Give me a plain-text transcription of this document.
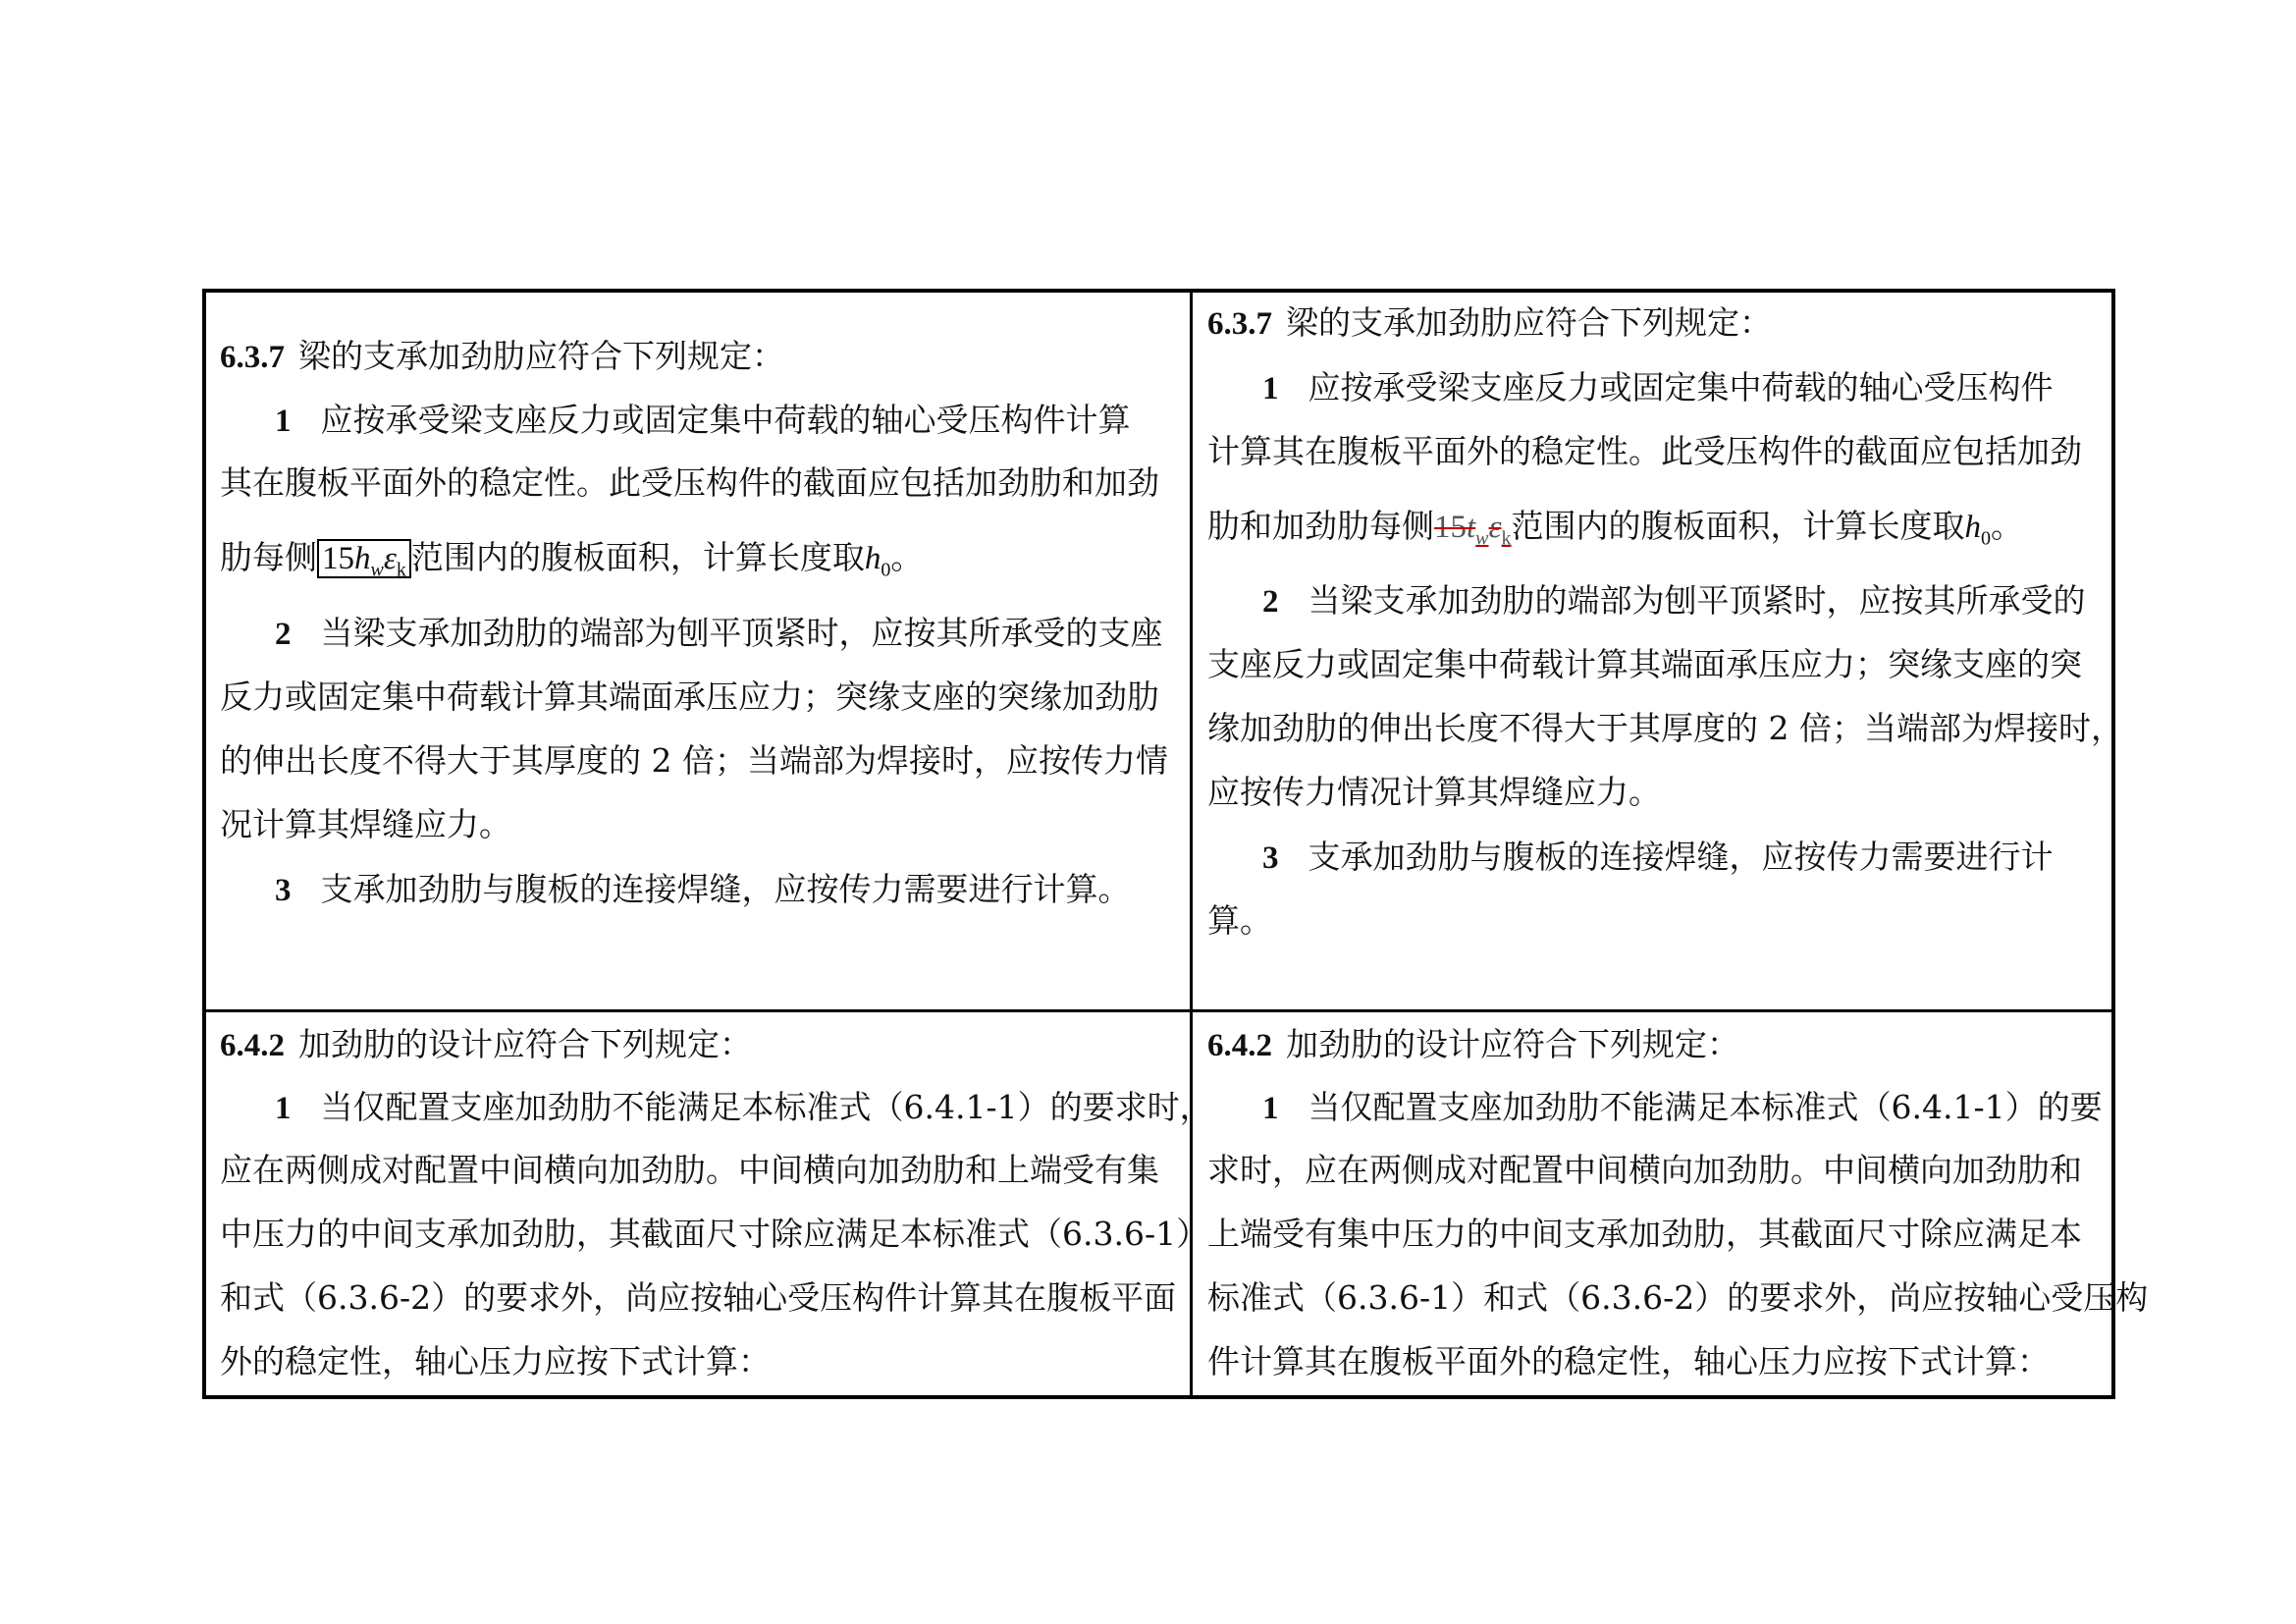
6.3.7 梁的支承加劲肋应符合下列规定：
1 应按承受梁支座反力或固定集中荷载的轴心受压构件计算
其在腹板平面外的稳定性。此受压构件的截面应包括加劲肋和加劲
肋每侧 $15h_w\varepsilon_k$ 范围内的腹板面积，计算长度取$h_0$。
2 当梁支承加劲肋的端部为刨平顶紧时，应按其所承受的支座
反力或固定集中荷载计算其端面承压应力；突缘支座的突缘加劲肋
的伸出长度不得大于其厚度的 2 倍；当端部为焊接时，应按传力情
况计算其焊缝应力。
3 支承加劲肋与腹板的连接焊缝，应按传力需要进行计算。
6.3.7 梁的支承加劲肋应符合下列规定：
1 应按承受梁支座反力或固定集中荷载的轴心受压构件
计算其在腹板平面外的稳定性。此受压构件的截面应包括加劲
肋和加劲肋每侧$15t_w\varepsilon_k$范围内的腹板面积，计算长度取$h_0$。
2 当梁支承加劲肋的端部为刨平顶紧时，应按其所承受的
支座反力或固定集中荷载计算其端面承压应力；突缘支座的突
缘加劲肋的伸出长度不得大于其厚度的 2 倍；当端部为焊接时，
应按传力情况计算其焊缝应力。
3 支承加劲肋与腹板的连接焊缝，应按传力需要进行计
算。
6.4.2 加劲肋的设计应符合下列规定：
1 当仅配置支座加劲肋不能满足本标准式（6.4.1-1）的要求时，
应在两侧成对配置中间横向加劲肋。中间横向加劲肋和上端受有集
中压力的中间支承加劲肋，其截面尺寸除应满足本标准式（6.3.6-1）
和式（6.3.6-2）的要求外，尚应按轴心受压构件计算其在腹板平面
外的稳定性，轴心压力应按下式计算：
6.4.2 加劲肋的设计应符合下列规定：
1 当仅配置支座加劲肋不能满足本标准式（6.4.1-1）的要
求时，应在两侧成对配置中间横向加劲肋。中间横向加劲肋和
上端受有集中压力的中间支承加劲肋，其截面尺寸除应满足本
标准式（6.3.6-1）和式（6.3.6-2）的要求外，尚应按轴心受压构
件计算其在腹板平面外的稳定性，轴心压力应按下式计算：
